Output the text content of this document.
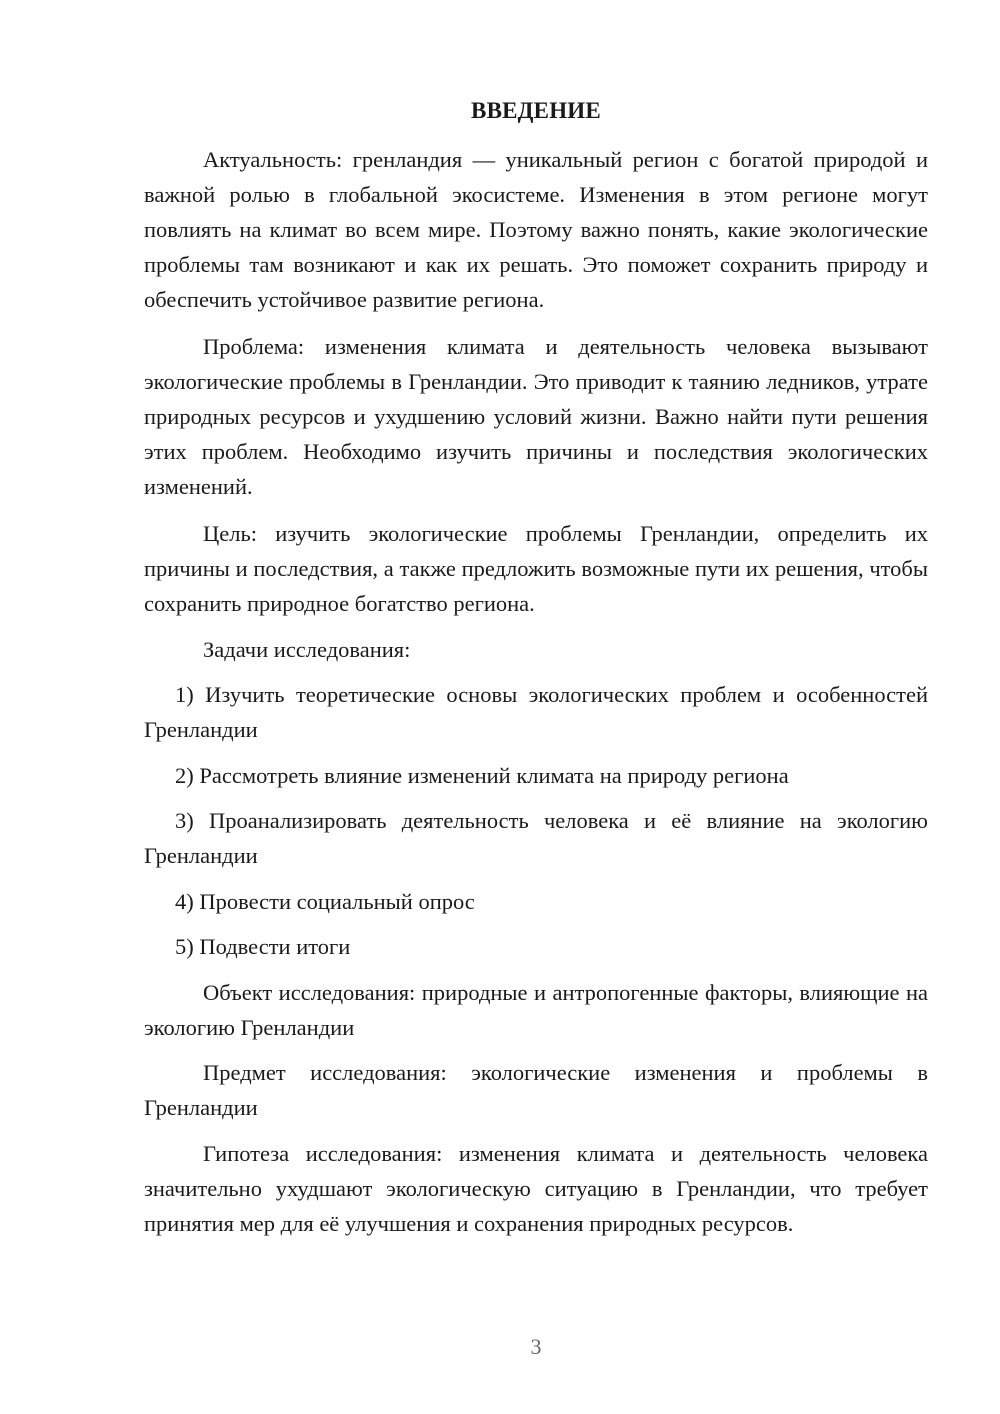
ВВЕДЕНИЕ

Актуальность: гренландия — уникальный регион с богатой природой и важной ролью в глобальной экосистеме. Изменения в этом регионе могут повлиять на климат во всем мире. Поэтому важно понять, какие экологические проблемы там возникают и как их решать. Это поможет сохранить природу и обеспечить устойчивое развитие региона.

Проблема: изменения климата и деятельность человека вызывают экологические проблемы в Гренландии. Это приводит к таянию ледников, утрате природных ресурсов и ухудшению условий жизни. Важно найти пути решения этих проблем. Необходимо изучить причины и последствия экологических изменений.

Цель: изучить экологические проблемы Гренландии, определить их причины и последствия, а также предложить возможные пути их решения, чтобы сохранить природное богатство региона.

Задачи исследования:

1) Изучить теоретические основы экологических проблем и особенностей Гренландии

2) Рассмотреть влияние изменений климата на природу региона

3) Проанализировать деятельность человека и её влияние на экологию Гренландии

4) Провести социальный опрос

5) Подвести итоги

Объект исследования: природные и антропогенные факторы, влияющие на экологию Гренландии

Предмет исследования: экологические изменения и проблемы в Гренландии

Гипотеза исследования: изменения климата и деятельность человека значительно ухудшают экологическую ситуацию в Гренландии, что требует принятия мер для её улучшения и сохранения природных ресурсов.

3
